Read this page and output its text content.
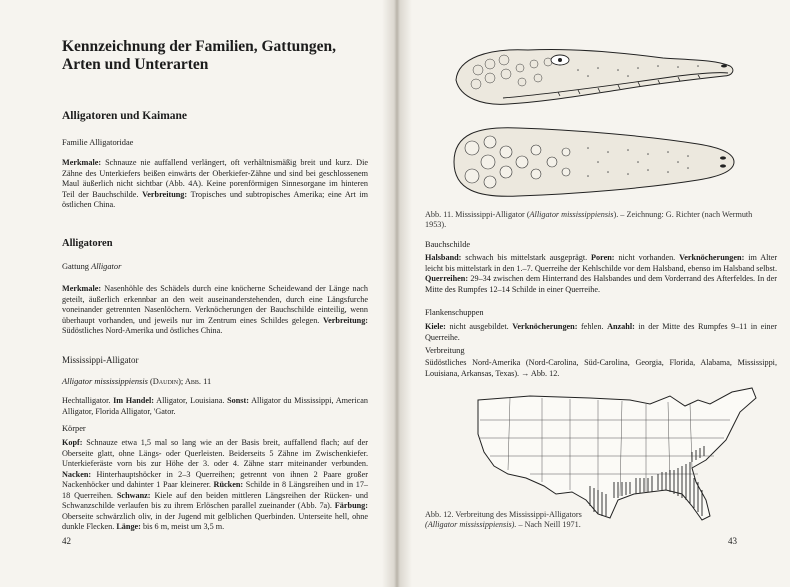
Kennzeichnung der Familien, Gattungen, Arten und Unterarten
Alligatoren und Kaimane
Familie Alligatoridae
Merkmale: Schnauze nie auffallend verlängert, oft verhältnismäßig breit und kurz. Die Zähne des Unterkiefers beißen einwärts der Oberkiefer-Zähne und sind bei geschlossenem Maul äußerlich nicht sichtbar (Abb. 4A). Keine porenförmigen Sinnesorgane im hinteren Teil der Bauchschilde. Verbreitung: Tropisches und subtropisches Amerika; eine Art im östlichen China.
Alligatoren
Gattung Alligator
Merkmale: Nasenhöhle des Schädels durch eine knöcherne Scheidewand der Länge nach geteilt, äußerlich erkennbar an den weit auseinanderstehenden, durch eine Längsfurche voneinander getrennten Nasenlöchern. Verknöcherungen der Bauchschilde einteilig, wenn überhaupt vorhanden, und jeweils nur im Zentrum eines Schildes gelegen. Verbreitung: Südöstliches Nord-Amerika und östliches China.
Mississippi-Alligator
Alligator mississippiensis (Daudin); Abb. 11
Hechtalligator. Im Handel: Alligator, Louisiana. Sonst: Alligator du Mississippi, American Alligator, Florida Alligator, 'Gator.
Körper
Kopf: Schnauze etwa 1,5 mal so lang wie an der Basis breit, auffallend flach; auf der Oberseite glatt, ohne Längs- oder Querleisten. Beiderseits 5 Zähne im Zwischenkiefer. Unterkieferäste vorn bis zur Höhe der 3. oder 4. Zähne starr miteinander verbunden. Nacken: Hinterhauptshöcker in 2–3 Querreihen; getrennt von ihnen 2 Paare großer Nackenhöcker und dahinter 1 Paar kleinerer. Rücken: Schilde in 8 Längsreihen und in 17–18 Querreihen. Schwanz: Kiele auf den beiden mittleren Längsreihen der Rücken- und Schwanzschilde verlaufen bis zu ihrem Erlöschen parallel zueinander (Abb. 7a). Färbung: Oberseite schwärzlich oliv, in der Jugend mit gelblichen Querbinden. Unterseite hell, ohne dunkle Flecken. Länge: bis 6 m, meist um 3,5 m.
42
Abb. 11. Mississippi-Alligator (Alligator mississippiensis). – Zeichnung: G. Richter (nach Wermuth 1953).
Bauchschilde
Halsband: schwach bis mittelstark ausgeprägt. Poren: nicht vorhanden. Verknöcherungen: im Alter leicht bis mittelstark in den 1.–7. Querreihe der Kehlschilde vor dem Halsband, ebenso im Halsband selbst. Querreihen: 29–34 zwischen dem Hinterrand des Halsbandes und dem Vorderrand des Afterfeldes. In der Mitte des Rumpfes 12–14 Schilde in einer Querreihe.
Flankenschuppen
Kiele: nicht ausgebildet. Verknöcherungen: fehlen. Anzahl: in der Mitte des Rumpfes 9–11 in einer Querreihe.
Verbreitung
Südöstliches Nord-Amerika (Nord-Carolina, Süd-Carolina, Georgia, Florida, Alabama, Mississippi, Louisiana, Arkansas, Texas). → Abb. 12.
Abb. 12. Verbreitung des Mississippi-Alligators
(Alligator mississippiensis). – Nach Neill 1971.
43
